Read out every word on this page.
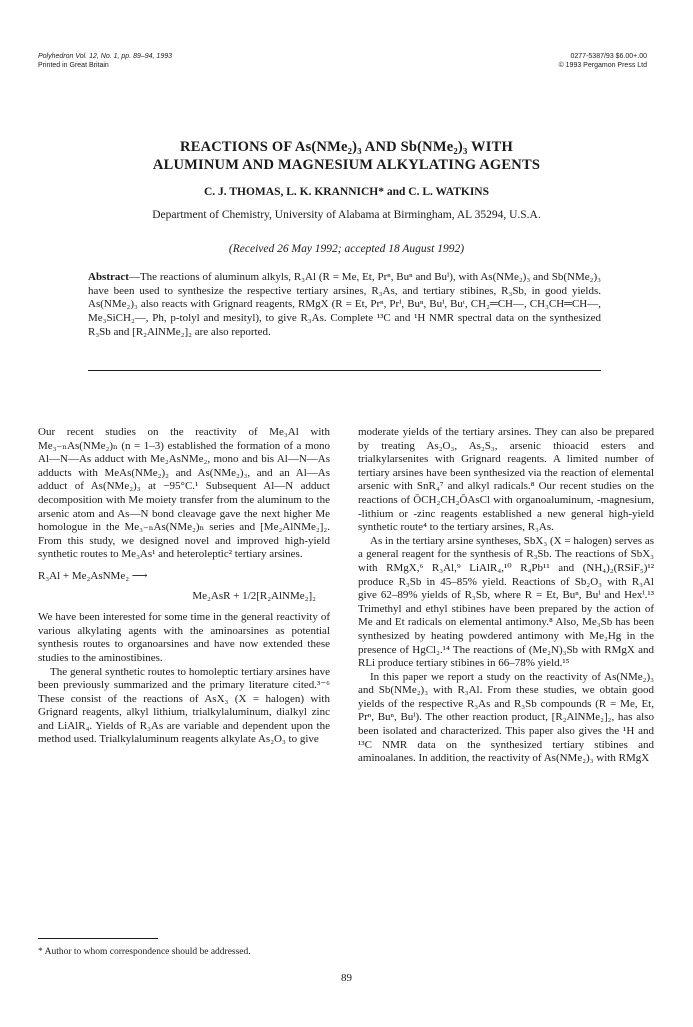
Polyhedron Vol. 12, No. 1, pp. 89–94, 1993
Printed in Great Britain
0277-5387/93 $6.00+.00
© 1993 Pergamon Press Ltd
REACTIONS OF As(NMe₂)₃ AND Sb(NMe₂)₃ WITH
ALUMINUM AND MAGNESIUM ALKYLATING AGENTS
C. J. THOMAS, L. K. KRANNICH* and C. L. WATKINS
Department of Chemistry, University of Alabama at Birmingham, AL 35294, U.S.A.
(Received 26 May 1992; accepted 18 August 1992)
Abstract—The reactions of aluminum alkyls, R₃Al (R = Me, Et, Prⁿ, Buⁿ and Buⁱ), with As(NMe₂)₃ and Sb(NMe₂)₃ have been used to synthesize the respective tertiary arsines, R₃As, and tertiary stibines, R₃Sb, in good yields. As(NMe₂)₃ also reacts with Grignard reagents, RMgX (R = Et, Prⁿ, Prⁱ, Buⁿ, Buⁱ, Buᵗ, CH₂═CH—, CH₃CH═CH—, Me₃SiCH₂—, Ph, p-tolyl and mesityl), to give R₃As. Complete ¹³C and ¹H NMR spectral data on the synthesized R₃Sb and [R₂AlNMe₂]₂ are also reported.

Our recent studies on the reactivity of Me₃Al with Me₃₋ₙAs(NMe₂)ₙ (n = 1–3) established the formation of a mono Al—N—As adduct with Me₂AsNMe₂, mono and bis Al—N—As adducts with MeAs(NMe₂)₂ and As(NMe₂)₃, and an Al—As adduct of As(NMe₂)₃ at −95°C.¹ Subsequent Al—N adduct decomposition with Me moiety transfer from the aluminum to the arsenic atom and As—N bond cleavage gave the next higher Me homologue in the Me₃₋ₙAs(NMe₂)ₙ series and [Me₂AlNMe₂]₂. From this study, we designed novel and improved high-yield synthetic routes to Me₃As¹ and heteroleptic² tertiary arsines.

R₃Al + Me₂AsNMe₂ ⟶
Me₂AsR + 1/2[R₂AlNMe₂]₂

We have been interested for some time in the general reactivity of various alkylating agents with the aminoarsines as potential synthesis routes to organoarsines and have now extended these studies to the aminostibines.

The general synthetic routes to homoleptic tertiary arsines have been previously summarized and the primary literature cited.³⁻⁶ These consist of the reactions of AsX₃ (X = halogen) with Grignard reagents, alkyl lithium, trialkylaluminum, dialkyl zinc and LiAlR₄. Yields of R₃As are variable and dependent upon the method used. Trialkylaluminum reagents alkylate As₂O₃ to give

moderate yields of the tertiary arsines. They can also be prepared by treating As₂O₃, As₂S₃, arsenic thioacid esters and trialkylarsenites with Grignard reagents. A limited number of tertiary arsines have been synthesized via the reaction of elemental arsenic with SnR₄⁷ and alkyl radicals.⁸ Our recent studies on the reactions of ŌCH₂CH₂ŌAsCl with organoaluminum, -magnesium, -lithium or -zinc reagents established a new general high-yield synthetic route⁴ to the tertiary arsines, R₃As.

As in the tertiary arsine syntheses, SbX₃ (X = halogen) serves as a general reagent for the synthesis of R₃Sb. The reactions of SbX₃ with RMgX,⁶ R₃Al,⁹ LiAlR₄,¹⁰ R₄Pb¹¹ and (NH₄)₂(RSiF₅)¹² produce R₃Sb in 45–85% yield. Reactions of Sb₂O₃ with R₃Al give 62–89% yields of R₃Sb, where R = Et, Buⁿ, Buⁱ and Hexⁱ.¹³ Trimethyl and ethyl stibines have been prepared by the action of Me and Et radicals on elemental antimony.⁸ Also, Me₃Sb has been synthesized by heating powdered antimony with Me₂Hg in the presence of HgCl₂.¹⁴ The reactions of (Me₂N)₃Sb with RMgX and RLi produce tertiary stibines in 66–78% yield.¹⁵

In this paper we report a study on the reactivity of As(NMe₂)₃ and Sb(NMe₂)₃ with R₃Al. From these studies, we obtain good yields of the respective R₃As and R₃Sb compounds (R = Me, Et, Prⁿ, Buⁿ, Buⁱ). The other reaction product, [R₂AlNMe₂]₂, has also been isolated and characterized. This paper also gives the ¹H and ¹³C NMR data on the synthesized tertiary stibines and aminoalanes. In addition, the reactivity of As(NMe₂)₃ with RMgX

* Author to whom correspondence should be addressed.
89
